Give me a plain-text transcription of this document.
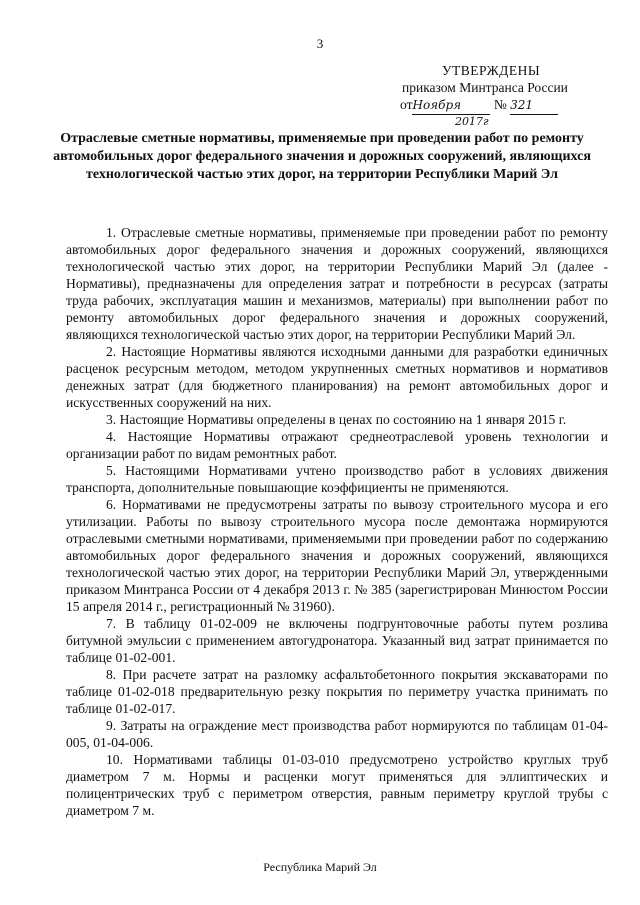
3
УТВЕРЖДЕНЫ
приказом Минтранса России
отНоября № 321
2017г
Отраслевые сметные нормативы, применяемые при проведении работ по ремонту автомобильных дорог федерального значения и дорожных сооружений, являющихся технологической частью этих дорог, на территории Республики Марий Эл

1. Отраслевые сметные нормативы, применяемые при проведении работ по ремонту автомобильных дорог федерального значения и дорожных сооружений, являющихся технологической частью этих дорог, на территории Республики Марий Эл (далее - Нормативы), предназначены для определения затрат и потребности в ресурсах (затраты труда рабочих, эксплуатация машин и механизмов, материалы) при выполнении работ по ремонту автомобильных дорог федерального значения и дорожных сооружений, являющихся технологической частью этих дорог, на территории Республики Марий Эл.

2. Настоящие Нормативы являются исходными данными для разработки единичных расценок ресурсным методом, методом укрупненных сметных нормативов и нормативов денежных затрат (для бюджетного планирования) на ремонт автомобильных дорог и искусственных сооружений на них.

3. Настоящие Нормативы определены в ценах по состоянию на 1 января 2015 г.

4. Настоящие Нормативы отражают среднеотраслевой уровень технологии и организации работ по видам ремонтных работ.

5. Настоящими Нормативами учтено производство работ в условиях движения транспорта, дополнительные повышающие коэффициенты не применяются.

6. Нормативами не предусмотрены затраты по вывозу строительного мусора и его утилизации. Работы по вывозу строительного мусора после демонтажа нормируются отраслевыми сметными нормативами, применяемыми при проведении работ по содержанию автомобильных дорог федерального значения и дорожных сооружений, являющихся технологической частью этих дорог, на территории Республики Марий Эл, утвержденными приказом Минтранса России от 4 декабря 2013 г. № 385 (зарегистрирован Минюстом России 15 апреля 2014 г., регистрационный № 31960).

7. В таблицу 01-02-009 не включены подгрунтовочные работы путем розлива битумной эмульсии с применением автогудронатора. Указанный вид затрат принимается по таблице 01-02-001.

8. При расчете затрат на разломку асфальтобетонного покрытия экскаваторами по таблице 01-02-018 предварительную резку покрытия по периметру участка принимать по таблице 01-02-017.

9. Затраты на ограждение мест производства работ нормируются по таблицам 01-04-005, 01-04-006.

10. Нормативами таблицы 01-03-010 предусмотрено устройство круглых труб диаметром 7 м. Нормы и расценки могут применяться для эллиптических и полицентрических труб с периметром отверстия, равным периметру круглой трубы с диаметром 7 м.

Республика Марий Эл
